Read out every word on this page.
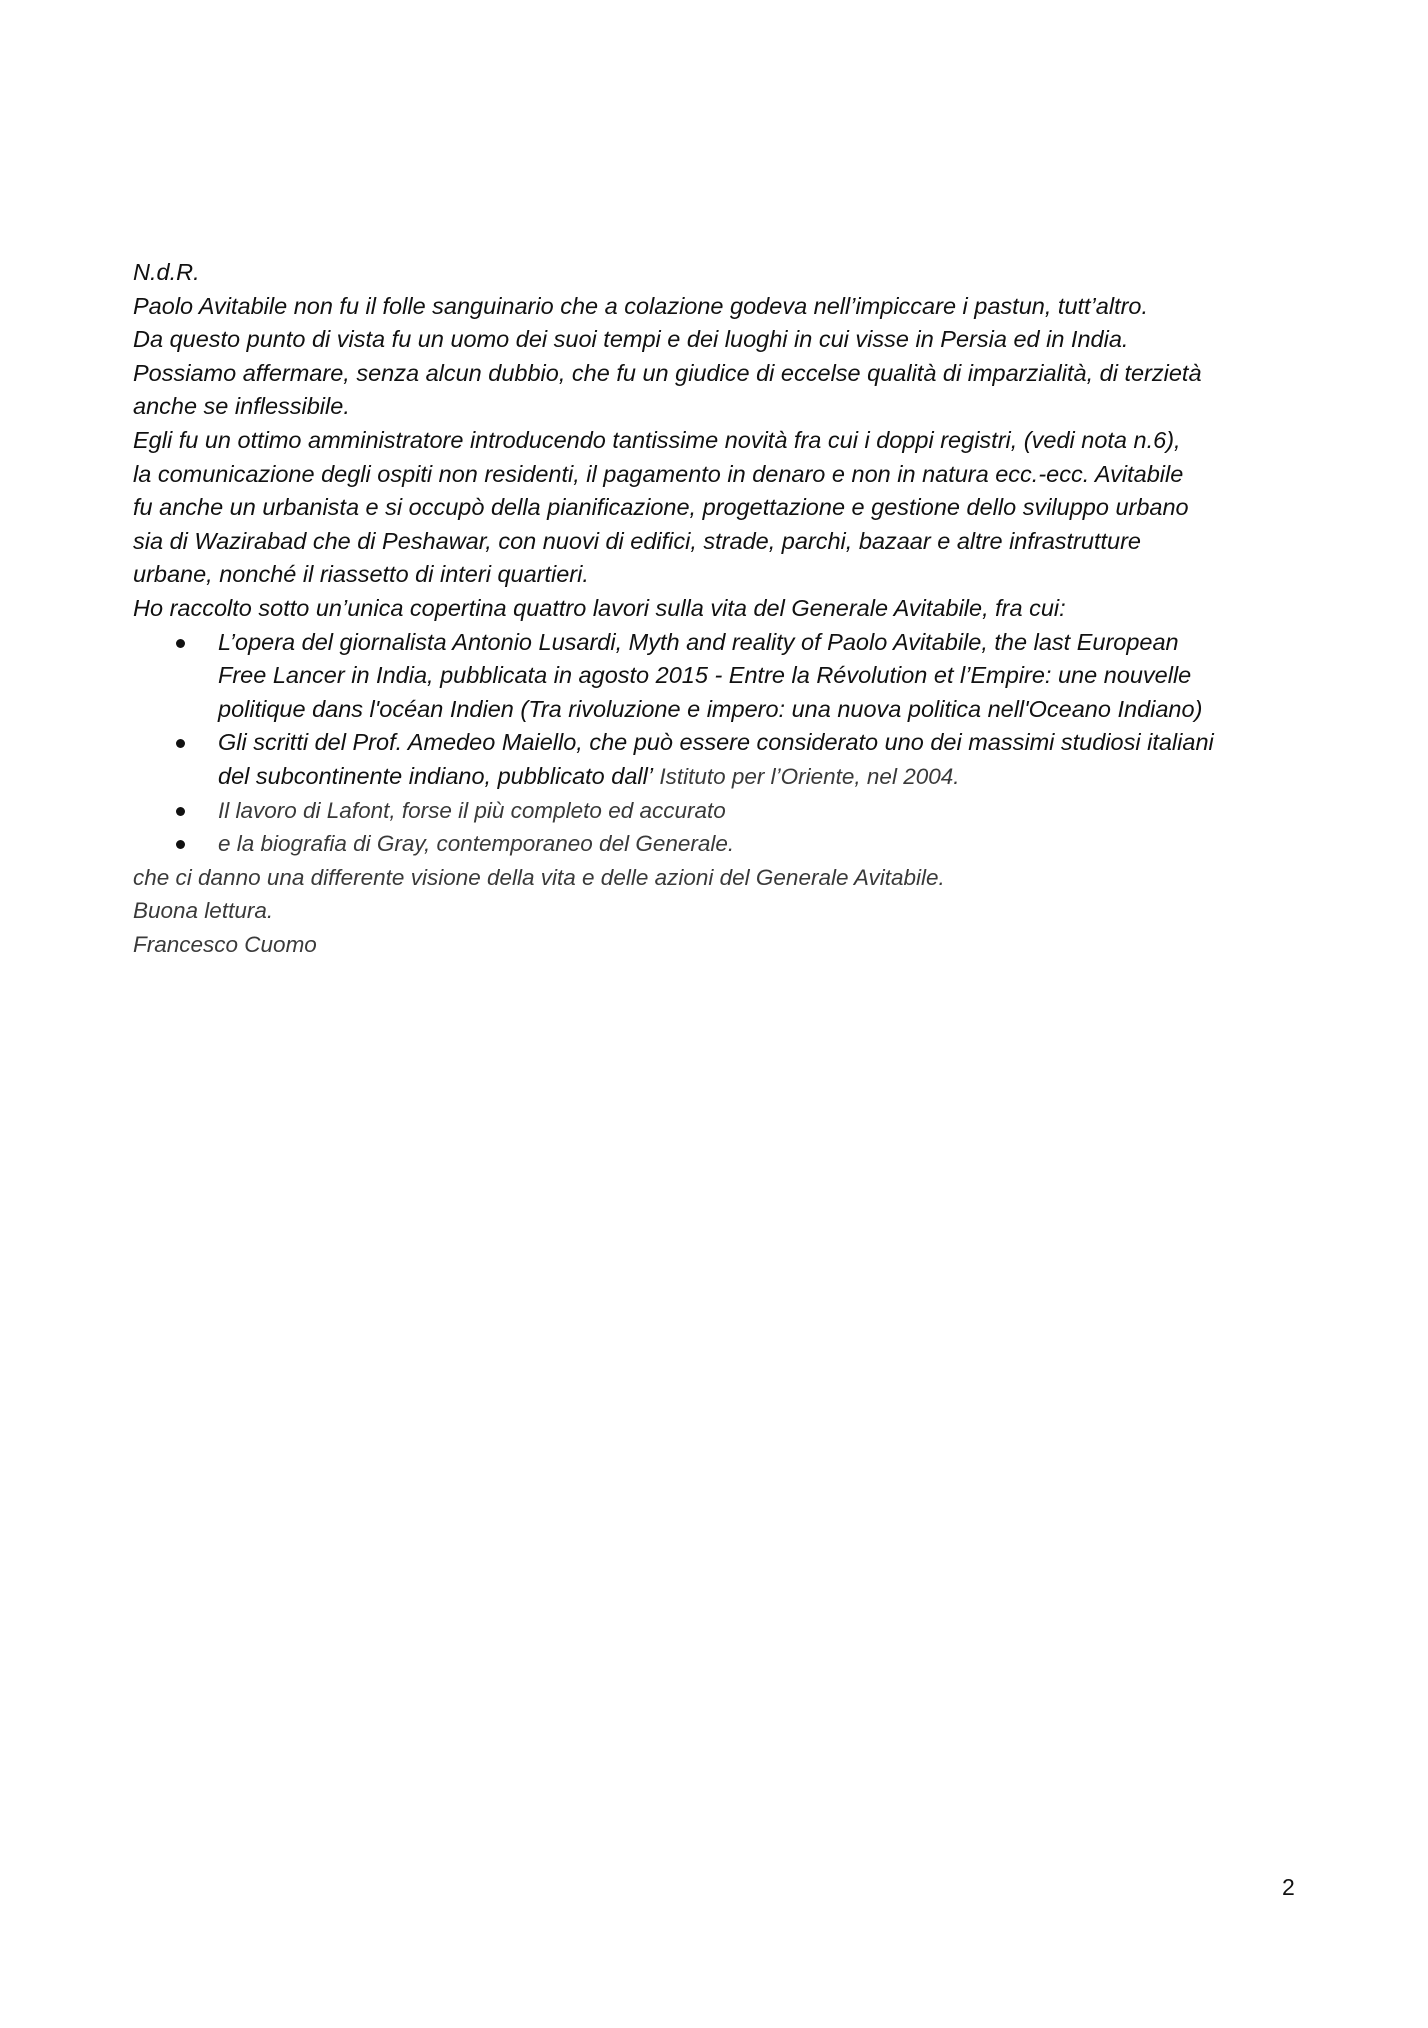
N.d.R.

Paolo Avitabile non fu il folle sanguinario che a colazione godeva nell’impiccare i pastun, tutt’altro.

Da questo punto di vista fu un uomo dei suoi tempi e dei luoghi in cui visse in Persia ed in India.

Possiamo affermare, senza alcun dubbio, che fu un giudice di eccelse qualità di imparzialità, di terzietà

anche se inflessibile.

Egli fu un ottimo amministratore introducendo tantissime novità fra cui i doppi registri, (vedi nota n.6),

la comunicazione degli ospiti non residenti, il pagamento in denaro e non in natura ecc.-ecc. Avitabile

fu anche un urbanista e si occupò della pianificazione, progettazione e gestione dello sviluppo urbano

sia di Wazirabad che di Peshawar, con nuovi di edifici, strade, parchi, bazaar e altre infrastrutture

urbane, nonché il riassetto di interi quartieri.

Ho raccolto sotto un’unica copertina quattro lavori sulla vita del Generale Avitabile, fra cui:

L’opera del giornalista Antonio Lusardi, Myth and reality of Paolo Avitabile, the last European
Free Lancer in India, pubblicata in agosto 2015 - Entre la Révolution et l’Empire: une nouvelle
politique dans l'océan Indien (Tra rivoluzione e impero: una nuova politica nell'Oceano Indiano)
Gli scritti del Prof. Amedeo Maiello, che può essere considerato uno dei massimi studiosi italiani
del subcontinente indiano, pubblicato dall’ Istituto per l’Oriente, nel 2004.
Il lavoro di Lafont, forse il più completo ed accurato
e la biografia di Gray, contemporaneo del Generale.

che ci danno una differente visione della vita e delle azioni del Generale Avitabile.

Buona lettura.

Francesco Cuomo

2
